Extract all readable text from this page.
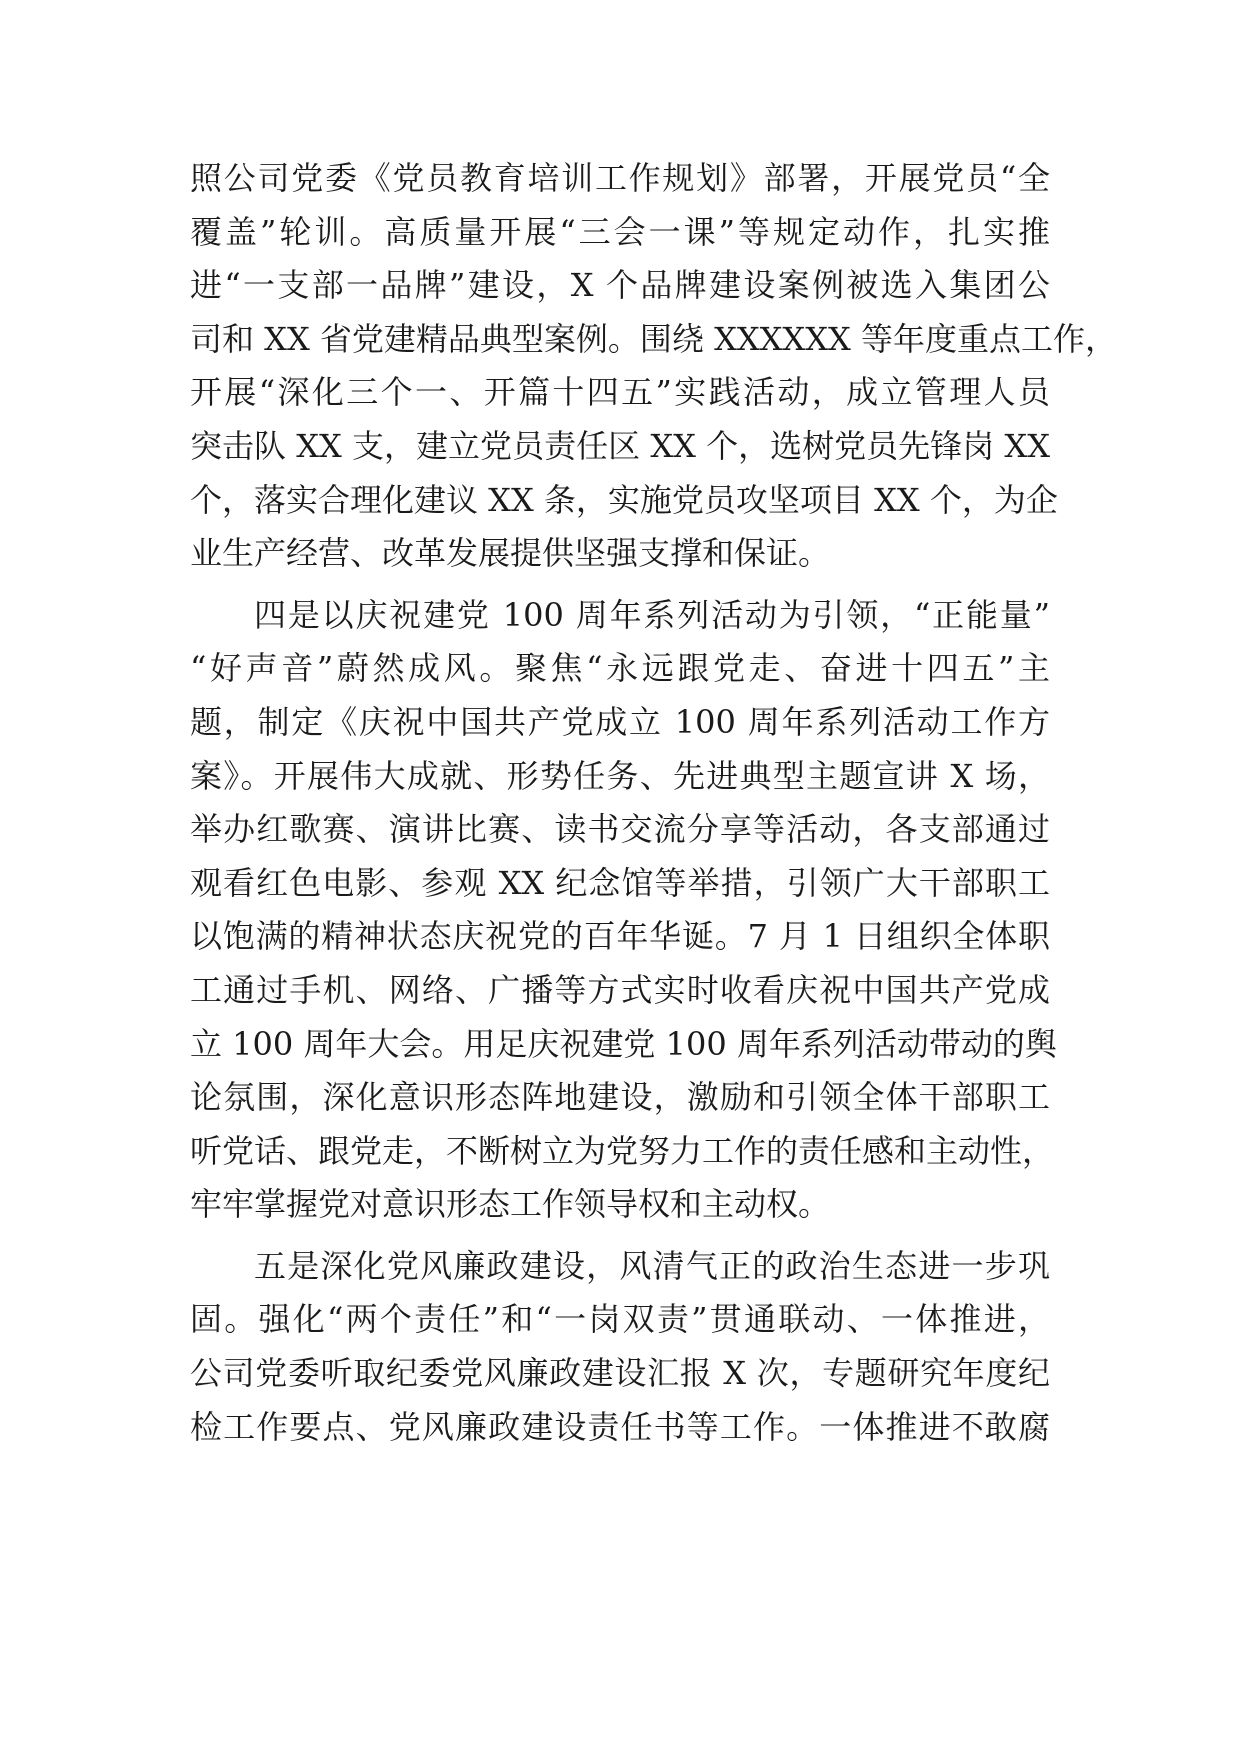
照公司党委《党员教育培训工作规划》部署，开展党员“全
覆盖”轮训。高质量开展“三会一课”等规定动作，扎实推
进“一支部一品牌”建设，X 个品牌建设案例被选入集团公
司和 XX 省党建精品典型案例。围绕 XXXXXX 等年度重点工作，
开展“深化三个一、开篇十四五”实践活动，成立管理人员
突击队 XX 支，建立党员责任区 XX 个，选树党员先锋岗 XX
个，落实合理化建议 XX 条，实施党员攻坚项目 XX 个，为企
业生产经营、改革发展提供坚强支撑和保证。
四是以庆祝建党 100 周年系列活动为引领，“正能量”
“好声音”蔚然成风。聚焦“永远跟党走、奋进十四五”主
题，制定《庆祝中国共产党成立 100 周年系列活动工作方
案》。开展伟大成就、形势任务、先进典型主题宣讲 X 场，
举办红歌赛、演讲比赛、读书交流分享等活动，各支部通过
观看红色电影、参观 XX 纪念馆等举措，引领广大干部职工
以饱满的精神状态庆祝党的百年华诞。7 月 1 日组织全体职
工通过手机、网络、广播等方式实时收看庆祝中国共产党成
立 100 周年大会。用足庆祝建党 100 周年系列活动带动的舆
论氛围，深化意识形态阵地建设，激励和引领全体干部职工
听党话、跟党走，不断树立为党努力工作的责任感和主动性，
牢牢掌握党对意识形态工作领导权和主动权。
五是深化党风廉政建设，风清气正的政治生态进一步巩
固。强化“两个责任”和“一岗双责”贯通联动、一体推进，
公司党委听取纪委党风廉政建设汇报 X 次，专题研究年度纪
检工作要点、党风廉政建设责任书等工作。一体推进不敢腐
